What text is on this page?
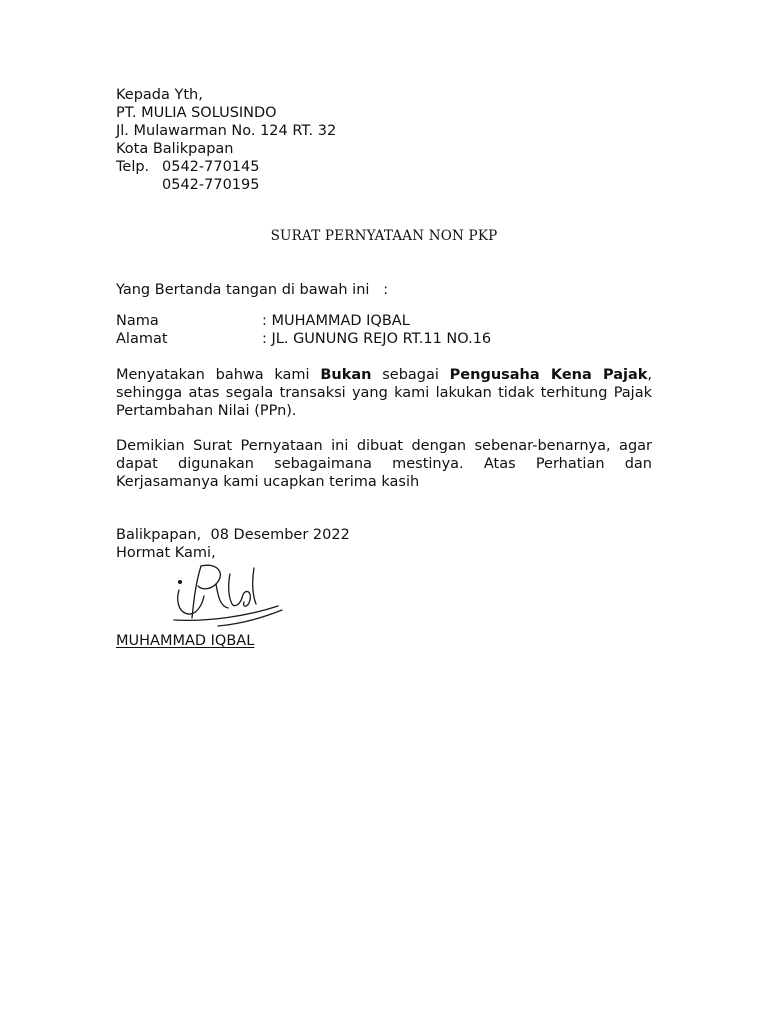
Kepada Yth,
PT. MULIA SOLUSINDO
Jl. Mulawarman No. 124 RT. 32
Kota Balikpapan
Telp. 0542-770145
0542-770195
SURAT PERNYATAAN NON PKP
Yang Bertanda tangan di bawah ini   :
Nama	: MUHAMMAD IQBAL
Alamat	: JL. GUNUNG REJO RT.11 NO.16
Menyatakan bahwa kami Bukan sebagai Pengusaha Kena Pajak, sehingga atas segala transaksi yang kami lakukan tidak terhitung Pajak Pertambahan Nilai (PPn).
Demikian Surat Pernyataan ini dibuat dengan sebenar-benarnya, agar dapat digunakan sebagaimana mestinya. Atas Perhatian dan Kerjasamanya kami ucapkan terima kasih
Balikpapan,  08 Desember 2022
Hormat Kami,
MUHAMMAD IQBAL
